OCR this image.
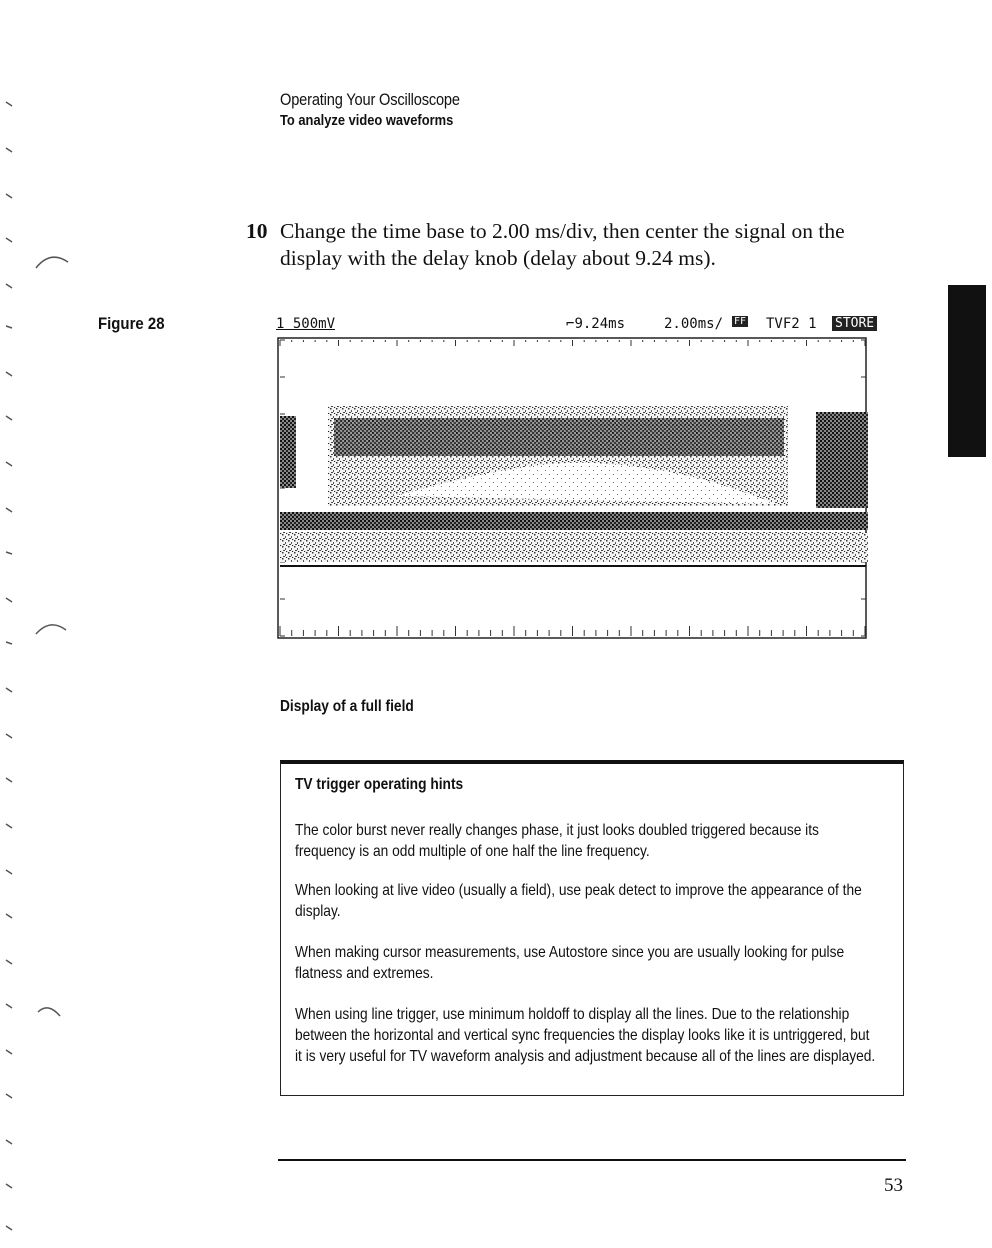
Operating Your Oscilloscope
To analyze video waveforms
10 Change the time base to 2.00 ms/div, then center the signal on the display with the delay knob (delay about 9.24 ms).
Figure 28	1 500mV	⌐9.24ms	2.00ms/ FF TVF2 1 STORE
Display of a full field
TV trigger operating hints
The color burst never really changes phase, it just looks doubled triggered because its frequency is an odd multiple of one half the line frequency.
When looking at live video (usually a field), use peak detect to improve the appearance of the display.
When making cursor measurements, use Autostore since you are usually looking for pulse flatness and extremes.
When using line trigger, use minimum holdoff to display all the lines. Due to the relationship between the horizontal and vertical sync frequencies the display looks like it is untriggered, but it is very useful for TV waveform analysis and adjustment because all of the lines are displayed.
53
